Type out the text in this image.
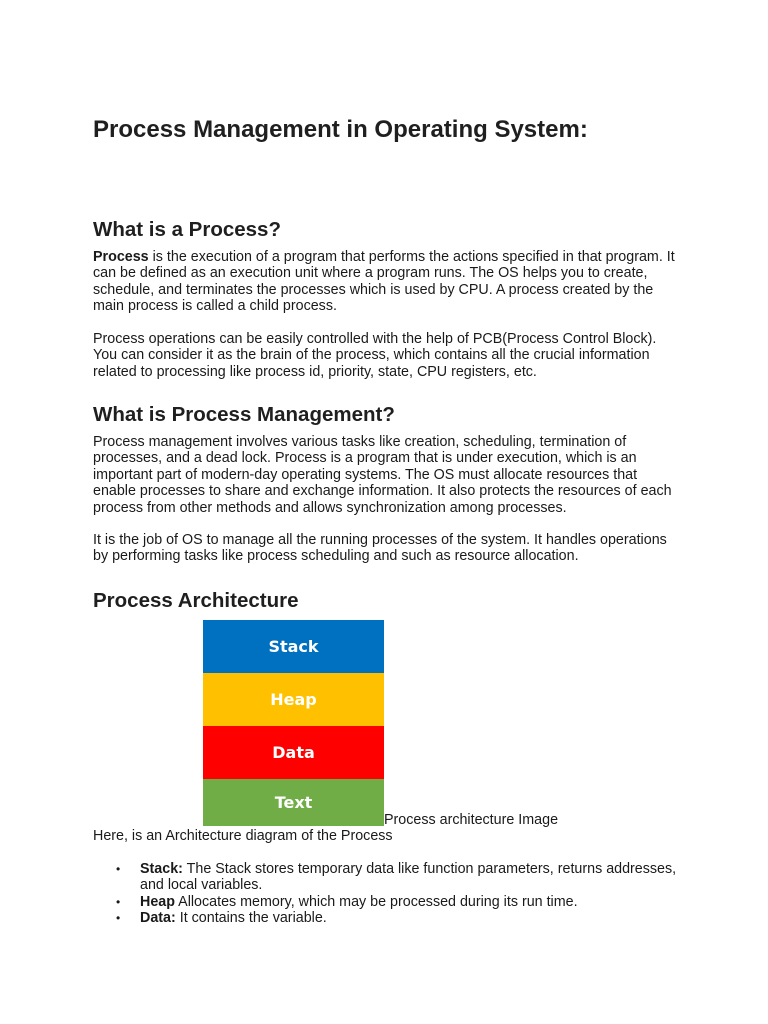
Process Management in Operating System:
What is a Process?

Process is the execution of a program that performs the actions specified in that program. It can be defined as an execution unit where a program runs. The OS helps you to create, schedule, and terminates the processes which is used by CPU. A process created by the main process is called a child process.

Process operations can be easily controlled with the help of PCB(Process Control Block). You can consider it as the brain of the process, which contains all the crucial information related to processing like process id, priority, state, CPU registers, etc.

What is Process Management?

Process management involves various tasks like creation, scheduling, termination of processes, and a dead lock. Process is a program that is under execution, which is an important part of modern-day operating systems. The OS must allocate resources that enable processes to share and exchange information. It also protects the resources of each process from other methods and allows synchronization among processes.

It is the job of OS to manage all the running processes of the system. It handles operations by performing tasks like process scheduling and such as resource allocation.

Process Architecture
Stack
Heap
Data
Text
Process architecture Image

Here, is an Architecture diagram of the Process

• Stack: The Stack stores temporary data like function parameters, returns addresses, and local variables.
• Heap Allocates memory, which may be processed during its run time.
• Data: It contains the variable.
